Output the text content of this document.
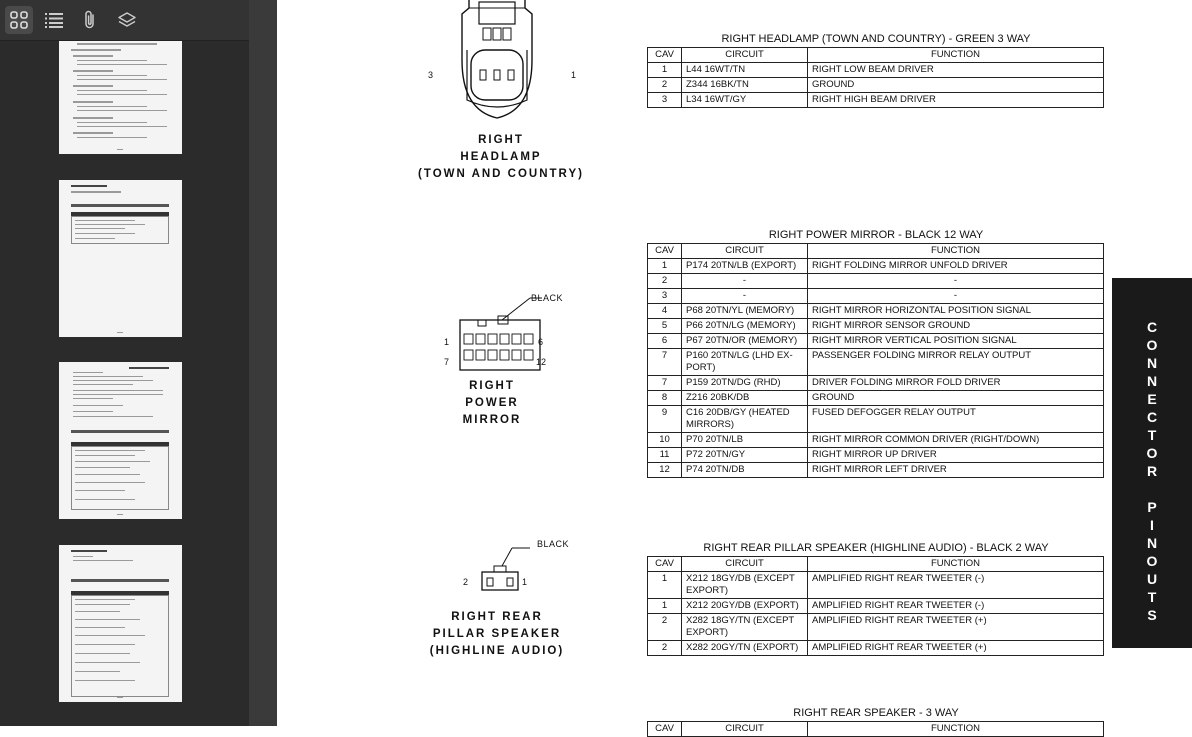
3	1
RIGHT
HEADLAMP
(TOWN AND COUNTRY)
RIGHT HEADLAMP (TOWN AND COUNTRY) - GREEN 3 WAY
CAV	CIRCUIT	FUNCTION
1	L44 16WT/TN	RIGHT LOW BEAM DRIVER
2	Z344 16BK/TN	GROUND
3	L34 16WT/GY	RIGHT HIGH BEAM DRIVER
BLACK
1	6
7	12
RIGHT
POWER
MIRROR
RIGHT POWER MIRROR - BLACK 12 WAY
CAV	CIRCUIT	FUNCTION
1	P174 20TN/LB (EXPORT)	RIGHT FOLDING MIRROR UNFOLD DRIVER
2	-	-
3	-	-
4	P68 20TN/YL (MEMORY)	RIGHT MIRROR HORIZONTAL POSITION SIGNAL
5	P66 20TN/LG (MEMORY)	RIGHT MIRROR SENSOR GROUND
6	P67 20TN/OR (MEMORY)	RIGHT MIRROR VERTICAL POSITION SIGNAL
7	P160 20TN/LG (LHD EX-PORT)	PASSENGER FOLDING MIRROR RELAY OUTPUT
7	P159 20TN/DG (RHD)	DRIVER FOLDING MIRROR FOLD DRIVER
8	Z216 20BK/DB	GROUND
9	C16 20DB/GY (HEATED MIRRORS)	FUSED DEFOGGER RELAY OUTPUT
10	P70 20TN/LB	RIGHT MIRROR COMMON DRIVER (RIGHT/DOWN)
11	P72 20TN/GY	RIGHT MIRROR UP DRIVER
12	P74 20TN/DB	RIGHT MIRROR LEFT DRIVER
BLACK
2	1
RIGHT REAR
PILLAR SPEAKER
(HIGHLINE AUDIO)
RIGHT REAR PILLAR SPEAKER (HIGHLINE AUDIO) - BLACK 2 WAY
CAV	CIRCUIT	FUNCTION
1	X212 18GY/DB (EXCEPT EXPORT)	AMPLIFIED RIGHT REAR TWEETER (-)
1	X212 20GY/DB (EXPORT)	AMPLIFIED RIGHT REAR TWEETER (-)
2	X282 18GY/TN (EXCEPT EXPORT)	AMPLIFIED RIGHT REAR TWEETER (+)
2	X282 20GY/TN (EXPORT)	AMPLIFIED RIGHT REAR TWEETER (+)
RIGHT REAR SPEAKER - 3 WAY
CAV	CIRCUIT	FUNCTION
C
O
N
N
E
C
T
O
R
P
I
N
O
U
T
S
